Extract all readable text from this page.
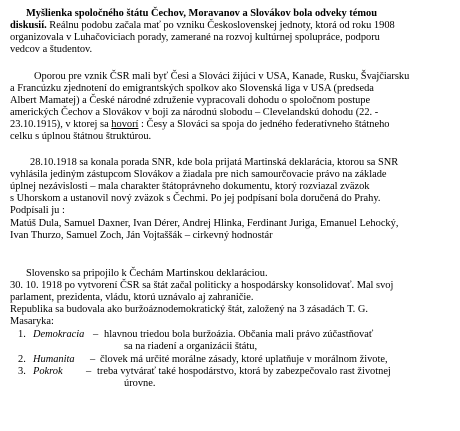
Myšlienka spoločného štátu Čechov, Moravanov a Slovákov bola odveky témou
diskusií. Reálnu podobu začala mať po vzniku Československej jednoty, ktorá od roku 1908
organizovala v Luhačoviciach porady, zamerané na rozvoj kultúrnej spolupráce, podporu
vedcov a študentov.
Oporou pre vznik ČSR mali byť Česi a Slováci žijúci v USA, Kanade, Rusku, Švajčiarsku
a Francúzku zjednotení do emigrantských spolkov ako Slovenská liga v USA (predseda
Albert Mamatej) a České národné združenie vypracovali dohodu o spoločnom postupe
amerických Čechov a Slovákov v boji za národnú slobodu – Clevelandskú dohodu (22. -
23.10.1915), v ktorej sa hovorí : Česy a Slováci sa spoja do jedného federatívneho štátneho
celku s úplnou štátnou štruktúrou.
28.10.1918 sa konala porada SNR, kde bola prijatá Martinská deklarácia, ktorou sa SNR
vyhlásila jediným zástupcom Slovákov a žiadala pre nich samourčovacie právo na základe
úplnej nezávislosti – mala charakter štátoprávneho dokumentu, ktorý rozviazal zväzok
s Uhorskom a ustanovil nový zväzok s Čechmi. Po jej podpísaní bola doručená do Prahy.
Podpísali ju :
Matúš Dula, Samuel Daxner, Ivan Dérer, Andrej Hlinka, Ferdinant Juriga, Emanuel Lehocký,
Ivan Thurzo, Samuel Zoch, Ján Vojtaššák – cirkevný hodnostár
Slovensko sa pripojilo k Čechám Martinskou deklaráciou.
30. 10. 1918 po vytvorení ČSR sa štát začal politicky a hospodársky konsolidovať. Mal svoj
parlament, prezidenta, vládu, ktorú uznávalo aj zahraničie.
Republika sa budovala ako buržoáznodemokratický štát, založený na 3 zásadách T. G.
Masaryka:
1. Demokracia – hlavnou triedou bola buržoázia. Občania mali právo zúčastňovať
sa na riadení a organizácii štátu,
2. Humanita – človek má určité morálne zásady, ktoré uplatňuje v morálnom živote,
3. Pokrok – treba vytvárať také hospodárstvo, ktorá by zabezpečovalo rast životnej
úrovne.
